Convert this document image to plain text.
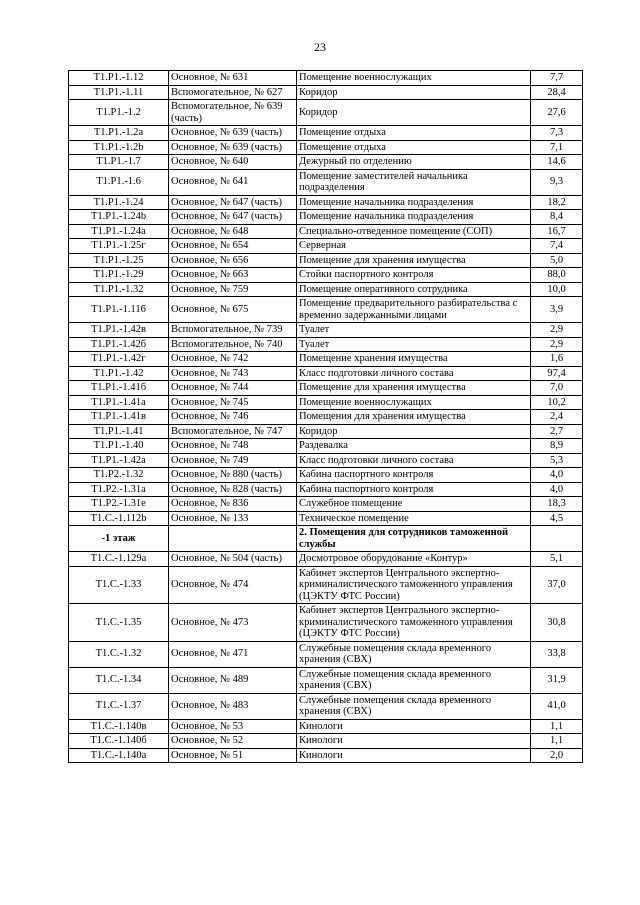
23
Т1.Р1.-1.12	Основное, № 631	Помещение военнослужащих	7,7
Т1.Р1.-1.11	Вспомогательное, № 627	Коридор	28,4
Т1.Р1.-1.2	Вспомогательное, № 639 (часть)	Коридор	27,6
Т1.Р1.-1.2а	Основное, № 639 (часть)	Помещение отдыха	7,3
Т1.Р1.-1.2b	Основное, № 639 (часть)	Помещение отдыха	7,1
Т1.Р1.-1.7	Основное, № 640	Дежурный по отделению	14,6
Т1.Р1.-1.6	Основное, № 641	Помещение заместителей начальника подразделения	9,3
Т1.Р1.-1.24	Основное, № 647 (часть)	Помещение начальника подразделения	18,2
Т1.Р1.-1.24b	Основное, № 647 (часть)	Помещение начальника подразделения	8,4
Т1.Р1.-1.24а	Основное, № 648	Специально-отведенное помещение (СОП)	16,7
Т1.Р1.-1.25г	Основное, № 654	Серверная	7,4
Т1.Р1.-1.25	Основное, № 656	Помещение для хранения имущества	5,0
Т1.Р1.-1.29	Основное, № 663	Стойки паспортного контроля	88,0
Т1.Р1.-1.32	Основное, № 759	Помещение оперативного сотрудника	10,0
Т1.Р1.-1.116	Основное, № 675	Помещение предварительного разбирательства с временно задержанными лицами	3,9
Т1.Р1.-1.42в	Вспомогательное, № 739	Туалет	2,9
Т1.Р1.-1.42б	Вспомогательное, № 740	Туалет	2,9
Т1.Р1.-1.42г	Основное, № 742	Помещение хранения имущества	1,6
Т1.Р1.-1.42	Основное, № 743	Класс подготовки личного состава	97,4
Т1.Р1.-1.41б	Основное, № 744	Помещение для хранения имущества	7,0
Т1.Р1.-1.41а	Основное, № 745	Помещение военнослужащих	10,2
Т1.Р1.-1.41в	Основное, № 746	Помещения для хранения имущества	2,4
Т1.Р1.-1.41	Вспомогательное, № 747	Коридор	2,7
Т1.Р1.-1.40	Основное, № 748	Раздевалка	8,9
Т1.Р1.-1.42а	Основное, № 749	Класс подготовки личного состава	5,3
Т1.Р2.-1.32	Основное, № 880 (часть)	Кабина паспортного контроля	4,0
Т1.Р2.-1.31а	Основное, № 828 (часть)	Кабина паспортного контроля	4,0
Т1.Р2.-1.31е	Основное, № 836	Служебное помещение	18,3
Т1.С.-1.112b	Основное, № 133	Техническое помещение	4,5
-1 этаж		2. Помещения для сотрудников таможенной службы	
Т1.С.-1.129а	Основное, № 504 (часть)	Досмотровое оборудование «Контур»	5,1
Т1.С.-1.33	Основное, № 474	Кабинет экспертов Центрального экспертно-криминалистического таможенного управления (ЦЭКТУ ФТС России)	37,0
Т1.С.-1.35	Основное, № 473	Кабинет экспертов Центрального экспертно-криминалистического таможенного управления (ЦЭКТУ ФТС России)	30,8
Т1.С.-1.32	Основное, № 471	Служебные помещения склада временного хранения (СВХ)	33,8
Т1.С.-1.34	Основное, № 489	Служебные помещения склада временного хранения (СВХ)	31,9
Т1.С.-1.37	Основное, № 483	Служебные помещения склада временного хранения (СВХ)	41,0
Т1.С.-1.140в	Основное, № 53	Кинологи	1,1
Т1.С.-1.140б	Основное, № 52	Кинологи	1,1
Т1.С.-1.140а	Основное, № 51	Кинологи	2,0
